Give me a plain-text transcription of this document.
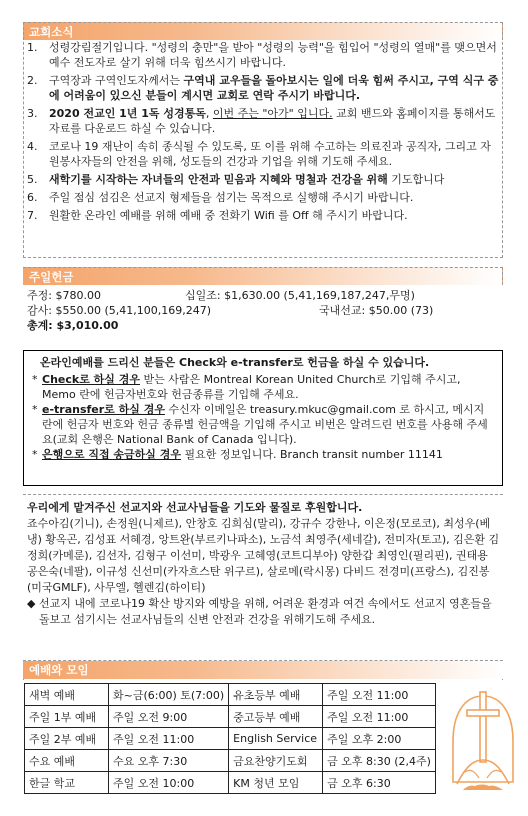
교회소식
1. 성령강림절기입니다. "성령의 충만"을 받아 "성령의 능력"을 힘입어 "성령의 열매"를 맺으면서 예수 전도자로 살기 위해 더욱 힘쓰시기 바랍니다.
2. 구역장과 구역인도자께서는 구역내 교우들을 돌아보시는 일에 더욱 힘써 주시고, 구역 식구 중에 어려움이 있으신 분들이 계시면 교회로 연락 주시기 바랍니다.
3. 2020 전교인 1년 1독 성경통독, 이번 주는 "아가" 입니다. 교회 밴드와 홈페이지를 통해서도 자료를 다운로드 하실 수 있습니다.
4. 코로나 19 재난이 속히 종식될 수 있도록, 또 이를 위해 수고하는 의료진과 공직자, 그리고 자원봉사자들의 안전을 위해, 성도들의 건강과 기업을 위해 기도해 주세요.
5. 새학기를 시작하는 자녀들의 안전과 믿음과 지혜와 명철과 건강을 위해 기도합니다
6. 주일 점심 섬김은 선교지 형제들을 섬기는 목적으로 실행해 주시기 바랍니다.
7. 원활한 온라인 예배를 위해 예배 중 전화기 Wifi 를 Off 해 주시기 바랍니다.
주일헌금
주정: $780.00	십일조: $1,630.00 (5,41,169,187,247,무명)
감사: $550.00 (5,41,100,169,247)	국내선교: $50.00 (73)
총계: $3,010.00
온라인예배를 드리신 분들은 Check와 e-transfer로 헌금을 하실 수 있습니다.

* Check로 하실 경우 받는 사람은 Montreal Korean United Church로 기입해 주시고, Memo 란에 헌금자번호와 헌금종류를 기입해 주세요.

* e-transfer로 하실 경우 수신자 이메일은 treasury.mkuc@gmail.com 로 하시고, 메시지란에 헌금자 번호와 헌금 종류별 헌금액을 기입해 주시고 비번은 알려드린 번호를 사용해 주세요(교회 은행은 National Bank of Canada 입니다).

* 은행으로 직접 송금하실 경우 필요한 정보입니다. Branch transit number 11141

우리에게 맡겨주신 선교지와 선교사님들을 기도와 물질로 후원합니다.
죠수아김(기니), 손정원(니제르), 안창호 김희심(말리), 강규수 강한나, 이은정(모로코), 최성우(베냉) 황옥곤, 김성표 서혜경, 앙트완(부르키나파소), 노금석 최영주(세네갈), 전미자(토고), 김은환 김정희(카메룬), 김선자, 김형구 이선미, 박광우 고혜영(코트디부아) 양한갑 최영인(필리핀), 권태용 공은숙(네팔), 이규성 신선미(카자흐스탄 위구르), 살로메(락시몽) 다비드 전경미(프랑스), 김진봉(미국GMLF), 사무엘, 헬렌김(하이티)
◆ 선교지 내에 코로나19 확산 방지와 예방을 위해, 어려운 환경과 여건 속에서도 선교지 영혼들을 돌보고 섬기시는 선교사님들의 신변 안전과 건강을 위해기도해 주세요.
예배와 모임
새벽 예배	화~금(6:00) 토(7:00)	유초등부 예배	주일 오전 11:00
주일 1부 예배	주일 오전 9:00	중고등부 예배	주일 오전 11:00
주일 2부 예배	주일 오전 11:00	English Service	주일 오후 2:00
수요 예배	수요 오후 7:30	금요찬양기도회	금 오후 8:30 (2,4주)
한글 학교	주일 오전 10:00	KM 청년 모임	금 오후 6:30
